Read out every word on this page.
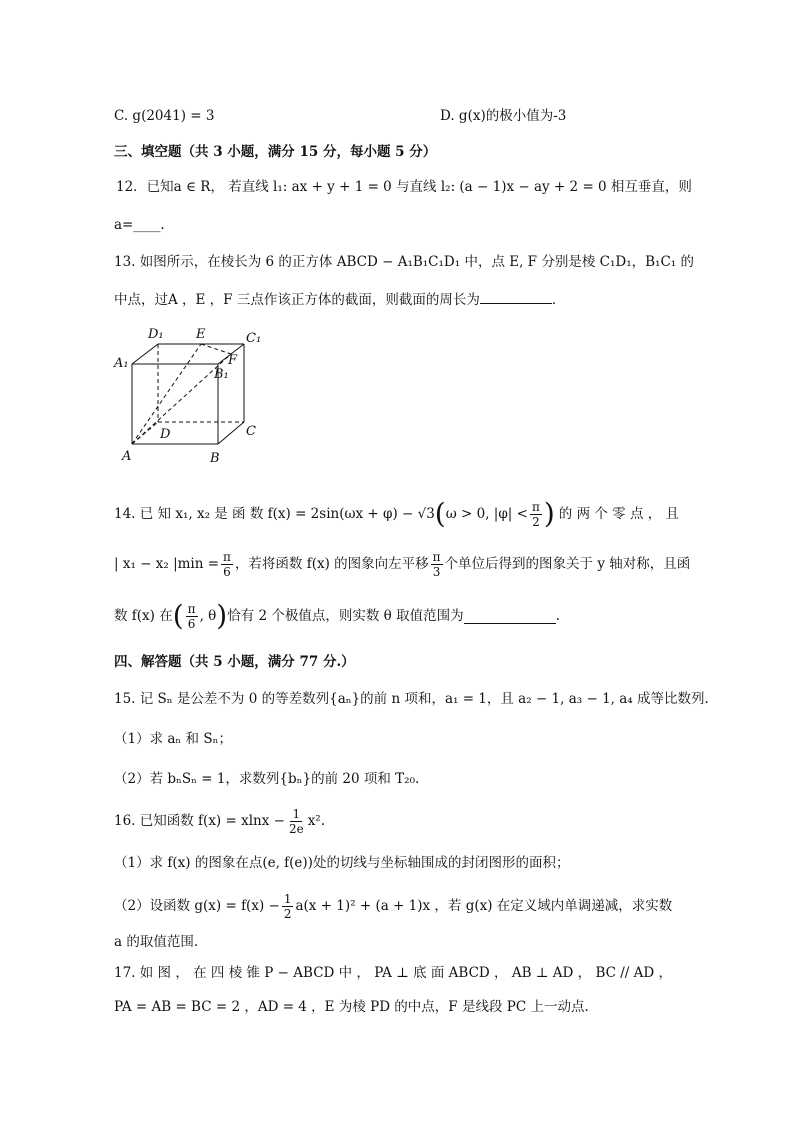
C. g(2041) = 3	D. g(x)的极小值为-3
三、填空题（共 3 小题，满分 15 分，每小题 5 分）
12．已知a ∈ R， 若直线 l₁: ax + y + 1 = 0 与直线 l₂: (a − 1)x − ay + 2 = 0 相互垂直，则
a=____.
13. 如图所示，在棱长为 6 的正方体 ABCD − A₁B₁C₁D₁ 中，点 E, F 分别是棱 C₁D₁，B₁C₁ 的
中点，过A ，E ，F 三点作该正方体的截面，则截面的周长为	．
D₁ E	C₁
A₁	F
B₁
D	C
A	B
14. 已 知 x₁, x₂ 是 函 数 f(x) = 2sin(ωx + φ) − √3 ( ω > 0, $|\varphi| < \frac{\pi}{2}$ ) 的 两 个 零 点 ， 且
| x₁ − x₂ $|\min = \frac{\pi}{6}$ ，若将函数 f(x) 的图象向左平移 $\frac{\pi}{3}$ 个单位后得到的图象关于 y 轴对称，且函
数 f(x) 在 ( $\frac{\pi}{6}$ , θ ) 恰有 2 个极值点，则实数 θ 取值范围为	.
四、解答题（共 5 小题，满分 77 分.）
15. 记 Sₙ 是公差不为 0 的等差数列{aₙ}的前 n 项和，a₁ = 1，且 a₂ − 1, a₃ − 1, a₄ 成等比数列.
（1）求 aₙ 和 Sₙ；
（2）若 bₙSₙ = 1，求数列{bₙ}的前 20 项和 T₂₀.
16. 已知函数 $f(x) = xlnx - \frac{1}{2e} x^2$.
（1）求 f(x) 的图象在点(e, f(e))处的切线与坐标轴围成的封闭图形的面积；
（2）设函数 $g(x) = f(x) - \frac{1}{2} a(x + 1)^2 + (a + 1)x$ ，若 g(x) 在定义域内单调递减，求实数
a 的取值范围.
17. 如 图 ， 在 四 棱 锥 P − ABCD 中 ， PA ⊥ 底 面 ABCD ， AB ⊥ AD ， BC // AD ，
PA = AB = BC = 2 ，AD = 4 ，E 为棱 PD 的中点，F 是线段 PC 上一动点.
